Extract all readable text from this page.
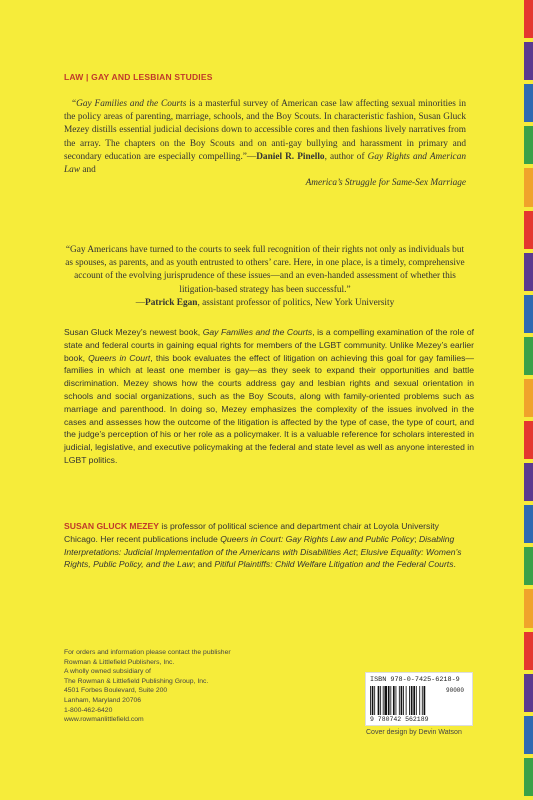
LAW | GAY AND LESBIAN STUDIES

“Gay Families and the Courts is a masterful survey of American case law affecting sexual minorities in the policy areas of parenting, marriage, schools, and the Boy Scouts. In characteristic fashion, Susan Gluck Mezey distills essential judicial decisions down to accessible cores and then fashions lively narratives from the array. The chapters on the Boy Scouts and on anti-gay bullying and harassment in primary and secondary education are especially compelling.”—Daniel R. Pinello, author of Gay Rights and American Law and

America’s Struggle for Same-Sex Marriage

“Gay Americans have turned to the courts to seek full recognition of their rights not only as individuals but as spouses, as parents, and as youth entrusted to others’ care. Here, in one place, is a timely, comprehensive account of the evolving jurisprudence of these issues—and an even-handed assessment of whether this litigation-based strategy has been successful.”

—Patrick Egan, assistant professor of politics, New York University

Susan Gluck Mezey’s newest book, Gay Families and the Courts, is a compelling examination of the role of state and federal courts in gaining equal rights for members of the LGBT community. Unlike Mezey’s earlier book, Queers in Court, this book evaluates the effect of litigation on achieving this goal for gay families—families in which at least one member is gay—as they seek to expand their opportunities and battle discrimination. Mezey shows how the courts address gay and lesbian rights and sexual orientation in schools and social organizations, such as the Boy Scouts, along with family-oriented problems such as marriage and parenthood. In doing so, Mezey emphasizes the complexity of the issues involved in the cases and assesses how the outcome of the litigation is affected by the type of case, the type of court, and the judge’s perception of his or her role as a policymaker. It is a valuable reference for scholars interested in judicial, legislative, and executive policymaking at the federal and state level as well as anyone interested in LGBT politics.
SUSAN GLUCK MEZEY is professor of political science and department chair at Loyola University Chicago. Her recent publications include Queers in Court: Gay Rights Law and Public Policy; Disabling Interpretations: Judicial Implementation of the Americans with Disabilities Act; Elusive Equality: Women’s Rights, Public Policy, and the Law; and Pitiful Plaintiffs: Child Welfare Litigation and the Federal Courts.
For orders and information please contact the publisher
Rowman & Littlefield Publishers, Inc.
A wholly owned subsidiary of
The Rowman & Littlefield Publishing Group, Inc.
4501 Forbes Boulevard, Suite 200
Lanham, Maryland 20706
1-800-462-6420
www.rowmanlittlefield.com
ISBN 978-0-7425-6218-9
90000
9 780742 562189
Cover design by Devin Watson
